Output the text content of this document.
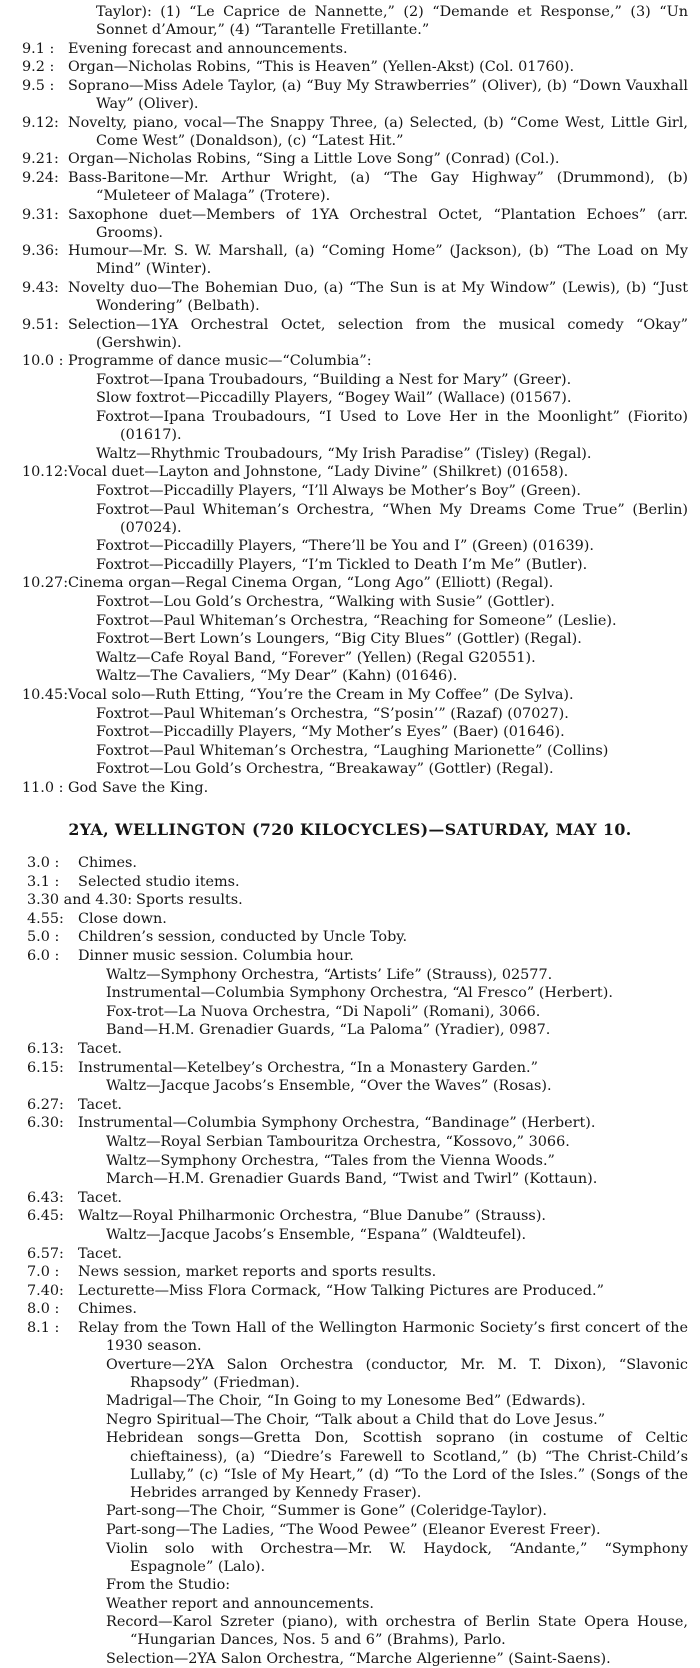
Taylor): (1) “Le Caprice de Nannette,” (2) “Demande et Response,” (3) “Un Sonnet d’Amour,” (4) “Tarantelle Fretillante.”
9.1 : Evening forecast and announcements.
9.2 : Organ—Nicholas Robins, “This is Heaven” (Yellen-Akst) (Col. 01760).
9.5 : Soprano—Miss Adele Taylor, (a) “Buy My Strawberries” (Oliver), (b) “Down Vauxhall Way” (Oliver).
9.12: Novelty, piano, vocal—The Snappy Three, (a) Selected, (b) “Come West, Little Girl, Come West” (Donaldson), (c) “Latest Hit.”
9.21: Organ—Nicholas Robins, “Sing a Little Love Song” (Conrad) (Col.).
9.24: Bass-Baritone—Mr. Arthur Wright, (a) “The Gay Highway” (Drummond), (b) “Muleteer of Malaga” (Trotere).
9.31: Saxophone duet—Members of 1YA Orchestral Octet, “Plantation Echoes” (arr. Grooms).
9.36: Humour—Mr. S. W. Marshall, (a) “Coming Home” (Jackson), (b) “The Load on My Mind” (Winter).
9.43: Novelty duo—The Bohemian Duo, (a) “The Sun is at My Window” (Lewis), (b) “Just Wondering” (Belbath).
9.51: Selection—1YA Orchestral Octet, selection from the musical comedy “Okay” (Gershwin).
10.0 : Programme of dance music—“Columbia”:
Foxtrot—Ipana Troubadours, “Building a Nest for Mary” (Greer).
Slow foxtrot—Piccadilly Players, “Bogey Wail” (Wallace) (01567).
Foxtrot—Ipana Troubadours, “I Used to Love Her in the Moonlight” (Fiorito) (01617).
Waltz—Rhythmic Troubadours, “My Irish Paradise” (Tisley) (Regal).
10.12: Vocal duet—Layton and Johnstone, “Lady Divine” (Shilkret) (01658).
Foxtrot—Piccadilly Players, “I’ll Always be Mother’s Boy” (Green).
Foxtrot—Paul Whiteman’s Orchestra, “When My Dreams Come True” (Berlin) (07024).
Foxtrot—Piccadilly Players, “There’ll be You and I” (Green) (01639).
Foxtrot—Piccadilly Players, “I’m Tickled to Death I’m Me” (Butler).
10.27: Cinema organ—Regal Cinema Organ, “Long Ago” (Elliott) (Regal).
Foxtrot—Lou Gold’s Orchestra, “Walking with Susie” (Gottler).
Foxtrot—Paul Whiteman’s Orchestra, “Reaching for Someone” (Leslie).
Foxtrot—Bert Lown’s Loungers, “Big City Blues” (Gottler) (Regal).
Waltz—Cafe Royal Band, “Forever” (Yellen) (Regal G20551).
Waltz—The Cavaliers, “My Dear” (Kahn) (01646).
10.45: Vocal solo—Ruth Etting, “You’re the Cream in My Coffee” (De Sylva).
Foxtrot—Paul Whiteman’s Orchestra, “S’posin’” (Razaf) (07027).
Foxtrot—Piccadilly Players, “My Mother’s Eyes” (Baer) (01646).
Foxtrot—Paul Whiteman’s Orchestra, “Laughing Marionette” (Collins)
Foxtrot—Lou Gold’s Orchestra, “Breakaway” (Gottler) (Regal).
11.0 : God Save the King.
2YA, WELLINGTON (720 KILOCYCLES)—SATURDAY, MAY 10.
3.0 : Chimes.
3.1 : Selected studio items.
3.30 and 4.30: Sports results.
4.55: Close down.
5.0 : Children’s session, conducted by Uncle Toby.
6.0 : Dinner music session. Columbia hour.
Waltz—Symphony Orchestra, “Artists’ Life” (Strauss), 02577.
Instrumental—Columbia Symphony Orchestra, “Al Fresco” (Herbert).
Fox-trot—La Nuova Orchestra, “Di Napoli” (Romani), 3066.
Band—H.M. Grenadier Guards, “La Paloma” (Yradier), 0987.
6.13: Tacet.
6.15: Instrumental—Ketelbey’s Orchestra, “In a Monastery Garden.”
Waltz—Jacque Jacobs’s Ensemble, “Over the Waves” (Rosas).
6.27: Tacet.
6.30: Instrumental—Columbia Symphony Orchestra, “Bandinage” (Herbert).
Waltz—Royal Serbian Tambouritza Orchestra, “Kossovo,” 3066.
Waltz—Symphony Orchestra, “Tales from the Vienna Woods.”
March—H.M. Grenadier Guards Band, “Twist and Twirl” (Kottaun).
6.43: Tacet.
6.45: Waltz—Royal Philharmonic Orchestra, “Blue Danube” (Strauss).
Waltz—Jacque Jacobs’s Ensemble, “Espana” (Waldteufel).
6.57: Tacet.
7.0 : News session, market reports and sports results.
7.40: Lecturette—Miss Flora Cormack, “How Talking Pictures are Produced.”
8.0 : Chimes.
8.1 : Relay from the Town Hall of the Wellington Harmonic Society’s first concert of the 1930 season.
Overture—2YA Salon Orchestra (conductor, Mr. M. T. Dixon), “Slavonic Rhapsody” (Friedman).
Madrigal—The Choir, “In Going to my Lonesome Bed” (Edwards).
Negro Spiritual—The Choir, “Talk about a Child that do Love Jesus.”
Hebridean songs—Gretta Don, Scottish soprano (in costume of Celtic chieftainess), (a) “Diedre’s Farewell to Scotland,” (b) “The Christ-Child’s Lullaby,” (c) “Isle of My Heart,” (d) “To the Lord of the Isles.” (Songs of the Hebrides arranged by Kennedy Fraser).
Part-song—The Choir, “Summer is Gone” (Coleridge-Taylor).
Part-song—The Ladies, “The Wood Pewee” (Eleanor Everest Freer).
Violin solo with Orchestra—Mr. W. Haydock, “Andante,” “Symphony Espagnole” (Lalo).
From the Studio:
Weather report and announcements.
Record—Karol Szreter (piano), with orchestra of Berlin State Opera House, “Hungarian Dances, Nos. 5 and 6” (Brahms), Parlo.
Selection—2YA Salon Orchestra, “Marche Algerienne” (Saint-Saens).
